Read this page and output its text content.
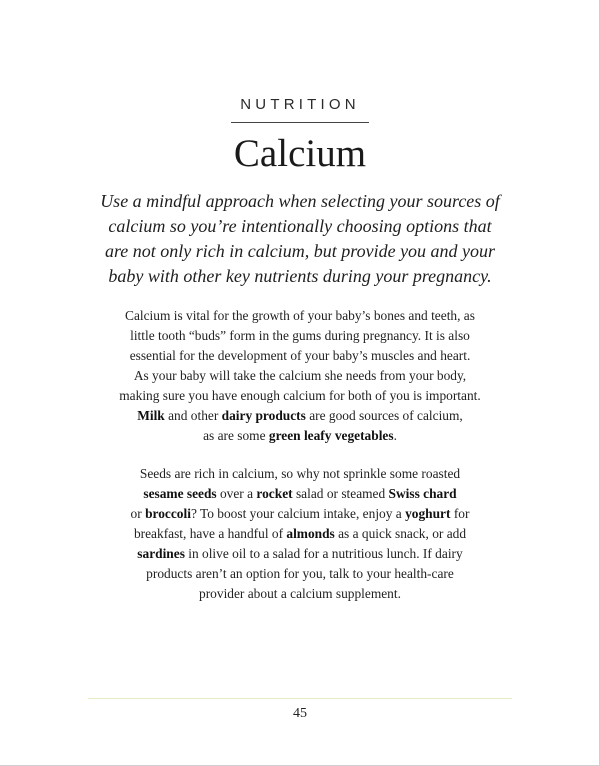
NUTRITION

Calcium

Use a mindful approach when selecting your sources of
calcium so you’re intentionally choosing options that
are not only rich in calcium, but provide you and your
baby with other key nutrients during your pregnancy.

Calcium is vital for the growth of your baby’s bones and teeth, as
little tooth “buds” form in the gums during pregnancy. It is also
essential for the development of your baby’s muscles and heart.
As your baby will take the calcium she needs from your body,
making sure you have enough calcium for both of you is important.
Milk and other dairy products are good sources of calcium,
as are some green leafy vegetables.

Seeds are rich in calcium, so why not sprinkle some roasted
sesame seeds over a rocket salad or steamed Swiss chard
or broccoli? To boost your calcium intake, enjoy a yoghurt for
breakfast, have a handful of almonds as a quick snack, or add
sardines in olive oil to a salad for a nutritious lunch. If dairy
products aren’t an option for you, talk to your health-care
provider about a calcium supplement.

45
